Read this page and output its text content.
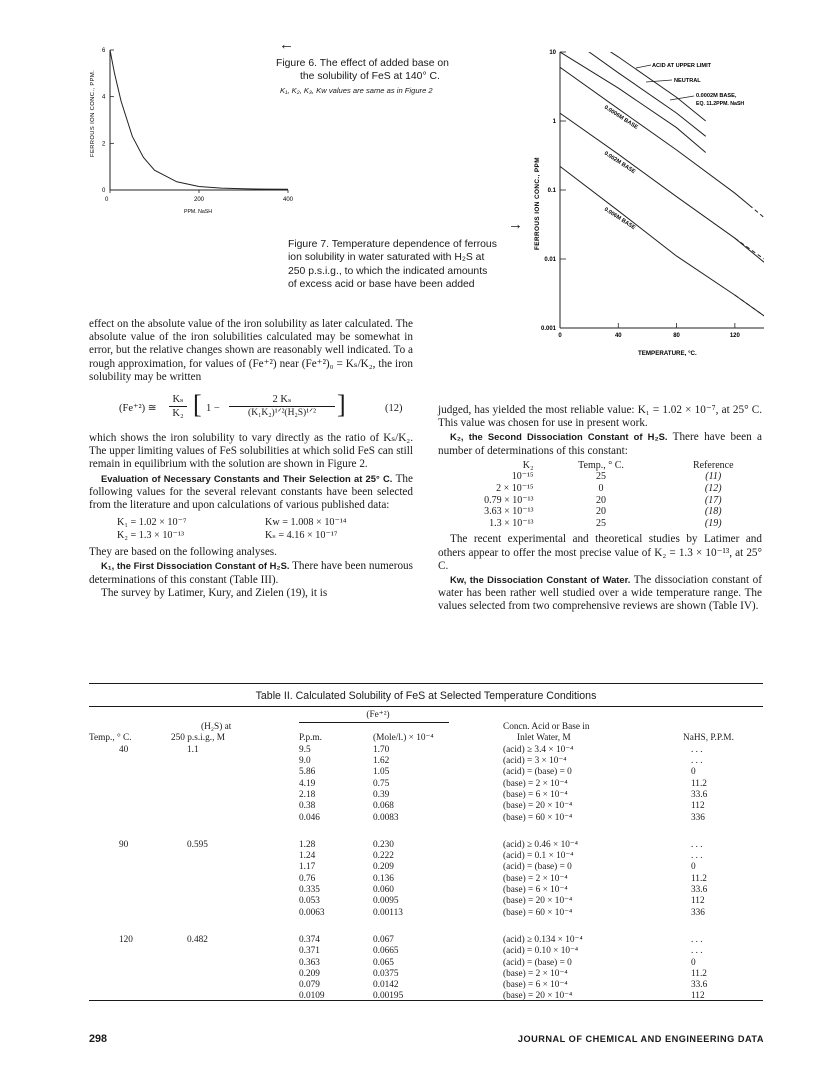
0
2
4
6
0	200	400
FERROUS ION CONC., PPM.
PPM. NaSH
←
Figure 6. The effect of added base on
the solubility of FeS at 140° C.
K₁, K₂, K₃, Kw values are same as in Figure 2
10
1
0.1
0.01
0.001
0	40	80	120
ACID AT UPPER LIMIT
NEUTRAL
0.0002M BASE,
EQ. 11.2PPM. NaSH
0.0006M BASE
0.002M BASE
0.006M BASE
FERROUS ION CONC., PPM
TEMPERATURE, °C.
→
Figure 7. Temperature dependence of ferrous
ion solubility in water saturated with H₂S at
250 p.s.i.g., to which the indicated amounts
of excess acid or base have been added

effect on the absolute value of the iron solubility as later calculated. The absolute value of the iron solubilities calculated may be somewhat in error, but the relative changes shown are reasonably well indicated. To a rough approximation, for values of (Fe⁺²) near (Fe⁺²)₀ = Kₛ/K₂, the iron solubility may be written

(Fe⁺²) ≅ $\frac{\text{Kₛ}}{\text{K₂}}$ [ 1 −
2 Kₛ
(K₁K₂)¹ᐟ²(H₂S)¹ᐟ² ]	(12)

which shows the iron solubility to vary directly as the ratio of Kₛ/K₂. The upper limiting values of FeS solubilities at which solid FeS can still remain in equilibrium with the solution are shown in Figure 2.

Evaluation of Necessary Constants and Their Selection at 25° C. The following values for the several relevant constants have been selected from the literature and upon calculations of various published data:

K₁ = 1.02 × 10⁻⁷	Kw = 1.008 × 10⁻¹⁴
K₂ = 1.3 × 10⁻¹³	Kₛ = 4.16 × 10⁻¹⁷

They are based on the following analyses.

K₁, the First Dissociation Constant of H₂S. There have been numerous determinations of this constant (Table III).

The survey by Latimer, Kury, and Zielen (19), it is

judged, has yielded the most reliable value: K₁ = 1.02 × 10⁻⁷, at 25° C. This value was chosen for use in present work.

K₂, the Second Dissociation Constant of H₂S. There have been a number of determinations of this constant:

K₂	Temp., ° C.	Reference
10⁻¹⁵	25	(11)
2 × 10⁻¹⁵	0	(12)
0.79 × 10⁻¹³	20	(17)
3.63 × 10⁻¹³	20	(18)
1.3 × 10⁻¹³	25	(19)

The recent experimental and theoretical studies by Latimer and others appear to offer the most precise value of K₂ = 1.3 × 10⁻¹³, at 25° C.

Kw, the Dissociation Constant of Water. The dissociation constant of water has been rather well studied over a wide temperature range. The values selected from two comprehensive reviews are shown (Table IV).

Table II. Calculated Solubility of FeS at Selected Temperature Conditions
		(Fe⁺²)			
	(H₂S) at			Concn. Acid or Base in	
Temp., ° C.	250 p.s.i.g., M	P.p.m.	(Mole/l.) × 10⁻⁴	Inlet Water, M	NaHS, P.P.M.
40	1.1	9.5	1.70	(acid) ≥ 3.4 × 10⁻⁴	. . .
		9.0	1.62	(acid) = 3 × 10⁻⁴	. . .
		5.86	1.05	(acid) = (base) = 0	0
		4.19	0.75	(base) = 2 × 10⁻⁴	11.2
		2.18	0.39	(base) = 6 × 10⁻⁴	33.6
		0.38	0.068	(base) = 20 × 10⁻⁴	112
		0.046	0.0083	(base) = 60 × 10⁻⁴	336
90	0.595	1.28	0.230	(acid) ≥ 0.46 × 10⁻⁴	. . .
		1.24	0.222	(acid) = 0.1 × 10⁻⁴	. . .
		1.17	0.209	(acid) = (base) = 0	0
		0.76	0.136	(base) = 2 × 10⁻⁴	11.2
		0.335	0.060	(base) = 6 × 10⁻⁴	33.6
		0.053	0.0095	(base) = 20 × 10⁻⁴	112
		0.0063	0.00113	(base) = 60 × 10⁻⁴	336
120	0.482	0.374	0.067	(acid) ≥ 0.134 × 10⁻⁴	. . .
		0.371	0.0665	(acid) = 0.10 × 10⁻⁴	. . .
		0.363	0.065	(acid) = (base) = 0	0
		0.209	0.0375	(base) = 2 × 10⁻⁴	11.2
		0.079	0.0142	(base) = 6 × 10⁻⁴	33.6
		0.0109	0.00195	(base) = 20 × 10⁻⁴	112
298	JOURNAL OF CHEMICAL AND ENGINEERING DATA
